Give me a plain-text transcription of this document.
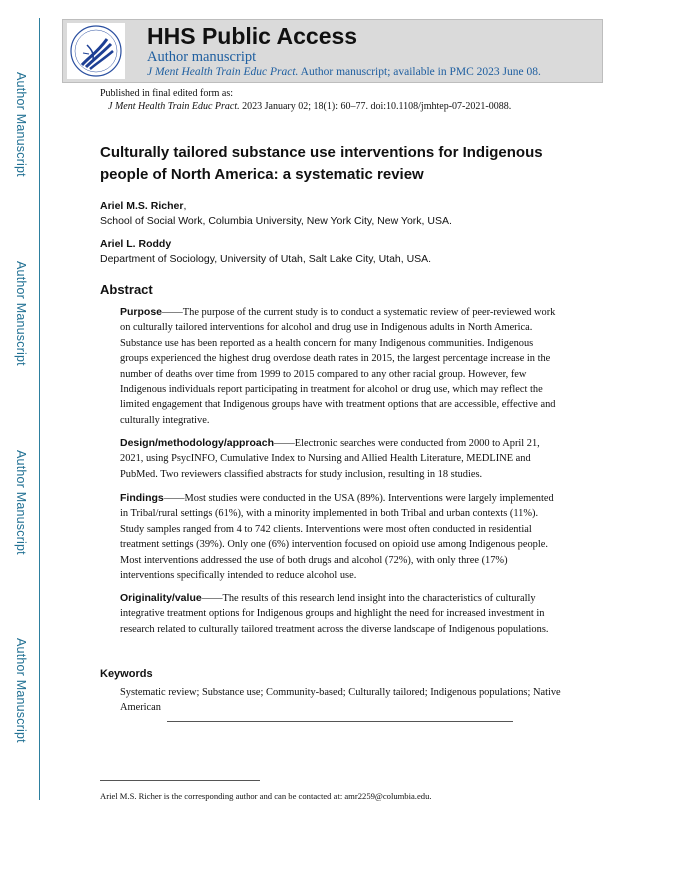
Author Manuscript
Author Manuscript
Author Manuscript
Author Manuscript
HHS Public Access
Author manuscript
J Ment Health Train Educ Pract. Author manuscript; available in PMC 2023 June 08.
Published in final edited form as:
J Ment Health Train Educ Pract. 2023 January 02; 18(1): 60–77. doi:10.1108/jmhtep-07-2021-0088.
Culturally tailored substance use interventions for Indigenous people of North America: a systematic review
Ariel M.S. Richer,
School of Social Work, Columbia University, New York City, New York, USA.
Ariel L. Roddy
Department of Sociology, University of Utah, Salt Lake City, Utah, USA.
Abstract
Purpose——The purpose of the current study is to conduct a systematic review of peer-reviewed work on culturally tailored interventions for alcohol and drug use in Indigenous adults in North America. Substance use has been reported as a health concern for many Indigenous communities. Indigenous groups experienced the highest drug overdose death rates in 2015, the largest percentage increase in the number of deaths over time from 1999 to 2015 compared to any other racial group. However, few Indigenous individuals report participating in treatment for alcohol or drug use, which may reflect the limited engagement that Indigenous groups have with treatment options that are accessible, effective and culturally integrative.
Design/methodology/approach——Electronic searches were conducted from 2000 to April 21, 2021, using PsycINFO, Cumulative Index to Nursing and Allied Health Literature, MEDLINE and PubMed. Two reviewers classified abstracts for study inclusion, resulting in 18 studies.
Findings——Most studies were conducted in the USA (89%). Interventions were largely implemented in Tribal/rural settings (61%), with a minority implemented in both Tribal and urban contexts (11%). Study samples ranged from 4 to 742 clients. Interventions were most often conducted in residential treatment settings (39%). Only one (6%) intervention focused on opioid use among Indigenous people. Most interventions addressed the use of both drugs and alcohol (72%), with only three (17%) interventions specifically intended to reduce alcohol use.
Originality/value——The results of this research lend insight into the characteristics of culturally integrative treatment options for Indigenous groups and highlight the need for increased investment in research related to culturally tailored treatment across the diverse landscape of Indigenous populations.
Keywords
Systematic review; Substance use; Community-based; Culturally tailored; Indigenous populations; Native American
Ariel M.S. Richer is the corresponding author and can be contacted at: amr2259@columbia.edu.
